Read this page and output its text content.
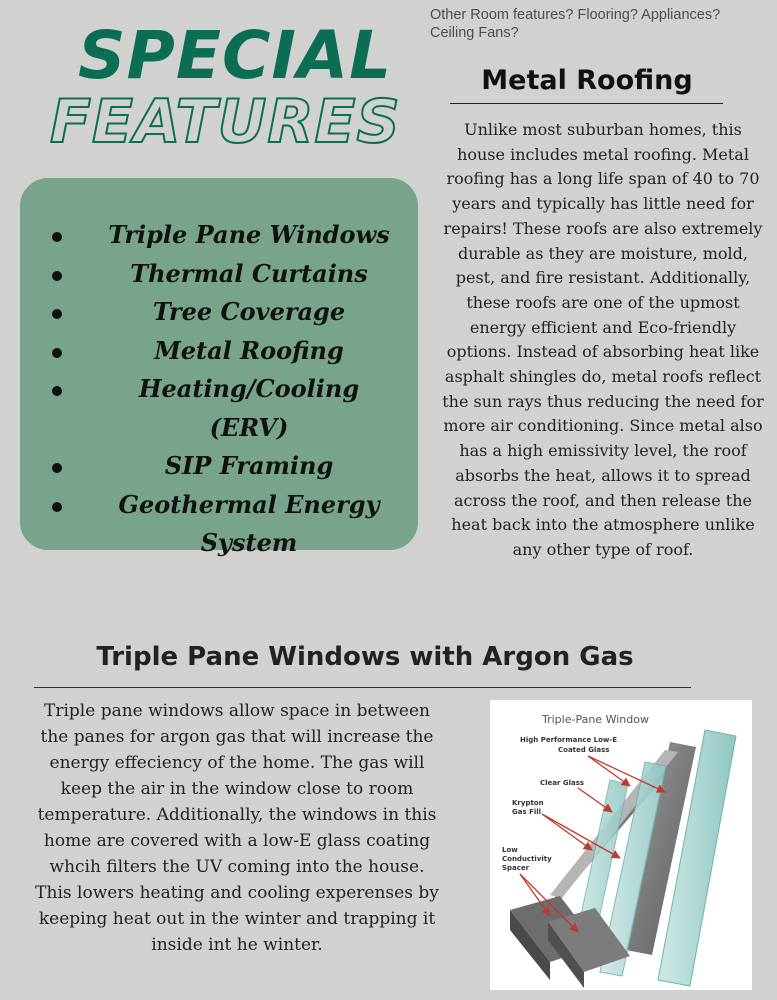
Other Room features? Flooring? Appliances? Ceiling Fans?
SPECIAL
FEATURES
Triple Pane Windows
Thermal Curtains
Tree Coverage
Metal Roofing
Heating/Cooling (ERV)
SIP Framing
Geothermal Energy System
Metal Roofing

Unlike most suburban homes, this house includes metal roofing. Metal roofing has a long life span of 40 to 70 years and typically has little need for repairs! These roofs are also extremely durable as they are moisture, mold, pest, and fire resistant. Additionally, these roofs are one of the upmost energy efficient and Eco-friendly options. Instead of absorbing heat like asphalt shingles do, metal roofs reflect the sun rays thus reducing the need for more air conditioning. Since metal also has a high emissivity level, the roof absorbs the heat, allows it to spread across the roof, and then release the heat back into the atmosphere unlike any other type of roof.

Triple Pane Windows with Argon Gas

Triple pane windows allow space in between the panes for argon gas that will increase the energy effeciency of the home. The gas will keep the air in the window close to room temperature. Additionally, the windows in this home are covered with a low-E glass coating whcih filters the UV coming into the house. This lowers heating and cooling experenses by keeping heat out in the winter and trapping it inside int he winter.

Triple-Pane Window
High Performance Low-E
Coated Glass
Clear Glass
Krypton
Gas Fill
Low
Conductivity
Spacer
